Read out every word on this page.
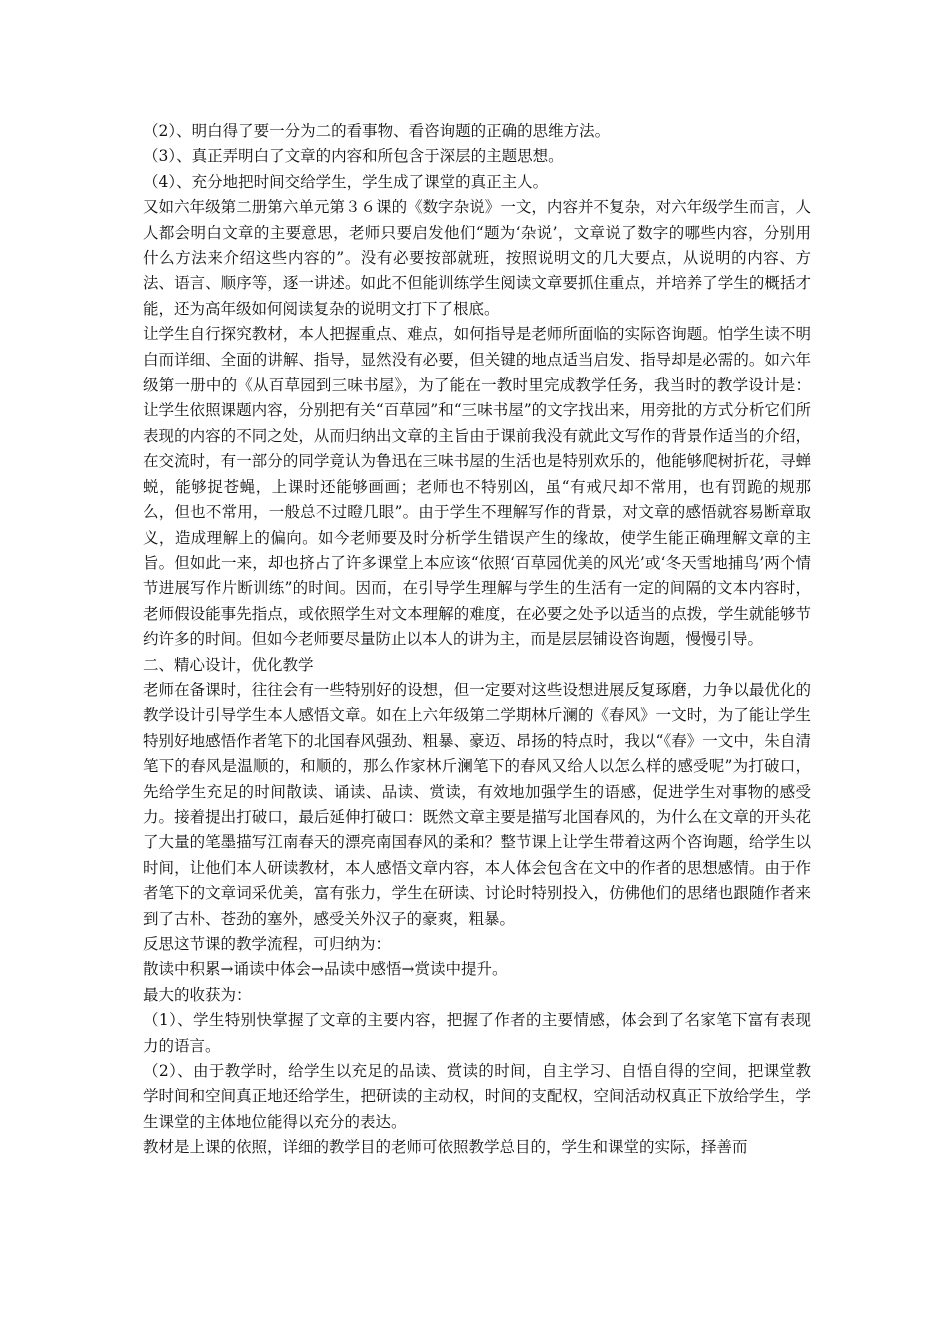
（2）、明白得了要一分为二的看事物、看咨询题的正确的思维方法。

（3）、真正弄明白了文章的内容和所包含于深层的主题思想。

（4）、充分地把时间交给学生，学生成了课堂的真正主人。

又如六年级第二册第六单元第３６课的《数字杂说》一文，内容并不复杂，对六年级学生而言，人人都会明白文章的主要意思，老师只要启发他们“题为‘杂说’，文章说了数字的哪些内容，分别用什么方法来介绍这些内容的”。没有必要按部就班，按照说明文的几大要点，从说明的内容、方法、语言、顺序等，逐一讲述。如此不但能训练学生阅读文章要抓住重点，并培养了学生的概括才能，还为高年级如何阅读复杂的说明文打下了根底。

让学生自行探究教材，本人把握重点、难点，如何指导是老师所面临的实际咨询题。怕学生读不明白而详细、全面的讲解、指导，显然没有必要，但关键的地点适当启发、指导却是必需的。如六年级第一册中的《从百草园到三味书屋》，为了能在一教时里完成教学任务，我当时的教学设计是：让学生依照课题内容，分别把有关“百草园”和“三味书屋”的文字找出来，用旁批的方式分析它们所表现的内容的不同之处，从而归纳出文章的主旨由于课前我没有就此文写作的背景作适当的介绍，在交流时，有一部分的同学竟认为鲁迅在三味书屋的生活也是特别欢乐的，他能够爬树折花，寻蝉蜕，能够捉苍蝇，上课时还能够画画；老师也不特别凶，虽“有戒尺却不常用，也有罚跪的规那么，但也不常用，一般总不过瞪几眼”。由于学生不理解写作的背景，对文章的感悟就容易断章取义，造成理解上的偏向。如今老师要及时分析学生错误产生的缘故，使学生能正确理解文章的主旨。但如此一来，却也挤占了许多课堂上本应该“依照‘百草园优美的风光’或‘冬天雪地捕鸟’两个情节进展写作片断训练”的时间。因而，在引导学生理解与学生的生活有一定的间隔的文本内容时，老师假设能事先指点，或依照学生对文本理解的难度，在必要之处予以适当的点拨，学生就能够节约许多的时间。但如今老师要尽量防止以本人的讲为主，而是层层铺设咨询题，慢慢引导。

二、精心设计，优化教学

老师在备课时，往往会有一些特别好的设想，但一定要对这些设想进展反复琢磨，力争以最优化的教学设计引导学生本人感悟文章。如在上六年级第二学期林斤澜的《春风》一文时，为了能让学生特别好地感悟作者笔下的北国春风强劲、粗暴、豪迈、昂扬的特点时，我以“《春》一文中，朱自清笔下的春风是温顺的，和顺的，那么作家林斤澜笔下的春风又给人以怎么样的感受呢”为打破口，先给学生充足的时间散读、诵读、品读、赏读，有效地加强学生的语感，促进学生对事物的感受力。接着提出打破口，最后延伸打破口：既然文章主要是描写北国春风的，为什么在文章的开头花了大量的笔墨描写江南春天的漂亮南国春风的柔和？整节课上让学生带着这两个咨询题，给学生以时间，让他们本人研读教材，本人感悟文章内容，本人体会包含在文中的作者的思想感情。由于作者笔下的文章词采优美，富有张力，学生在研读、讨论时特别投入，仿佛他们的思绪也跟随作者来到了古朴、苍劲的塞外，感受关外汉子的豪爽，粗暴。

反思这节课的教学流程，可归纳为：

散读中积累→诵读中体会→品读中感悟→赏读中提升。

最大的收获为：

（1）、学生特别快掌握了文章的主要内容，把握了作者的主要情感，体会到了名家笔下富有表现力的语言。

（2）、由于教学时，给学生以充足的品读、赏读的时间，自主学习、自悟自得的空间，把课堂教学时间和空间真正地还给学生，把研读的主动权，时间的支配权，空间活动权真正下放给学生，学生课堂的主体地位能得以充分的表达。

教材是上课的依照，详细的教学目的老师可依照教学总目的，学生和课堂的实际，择善而
